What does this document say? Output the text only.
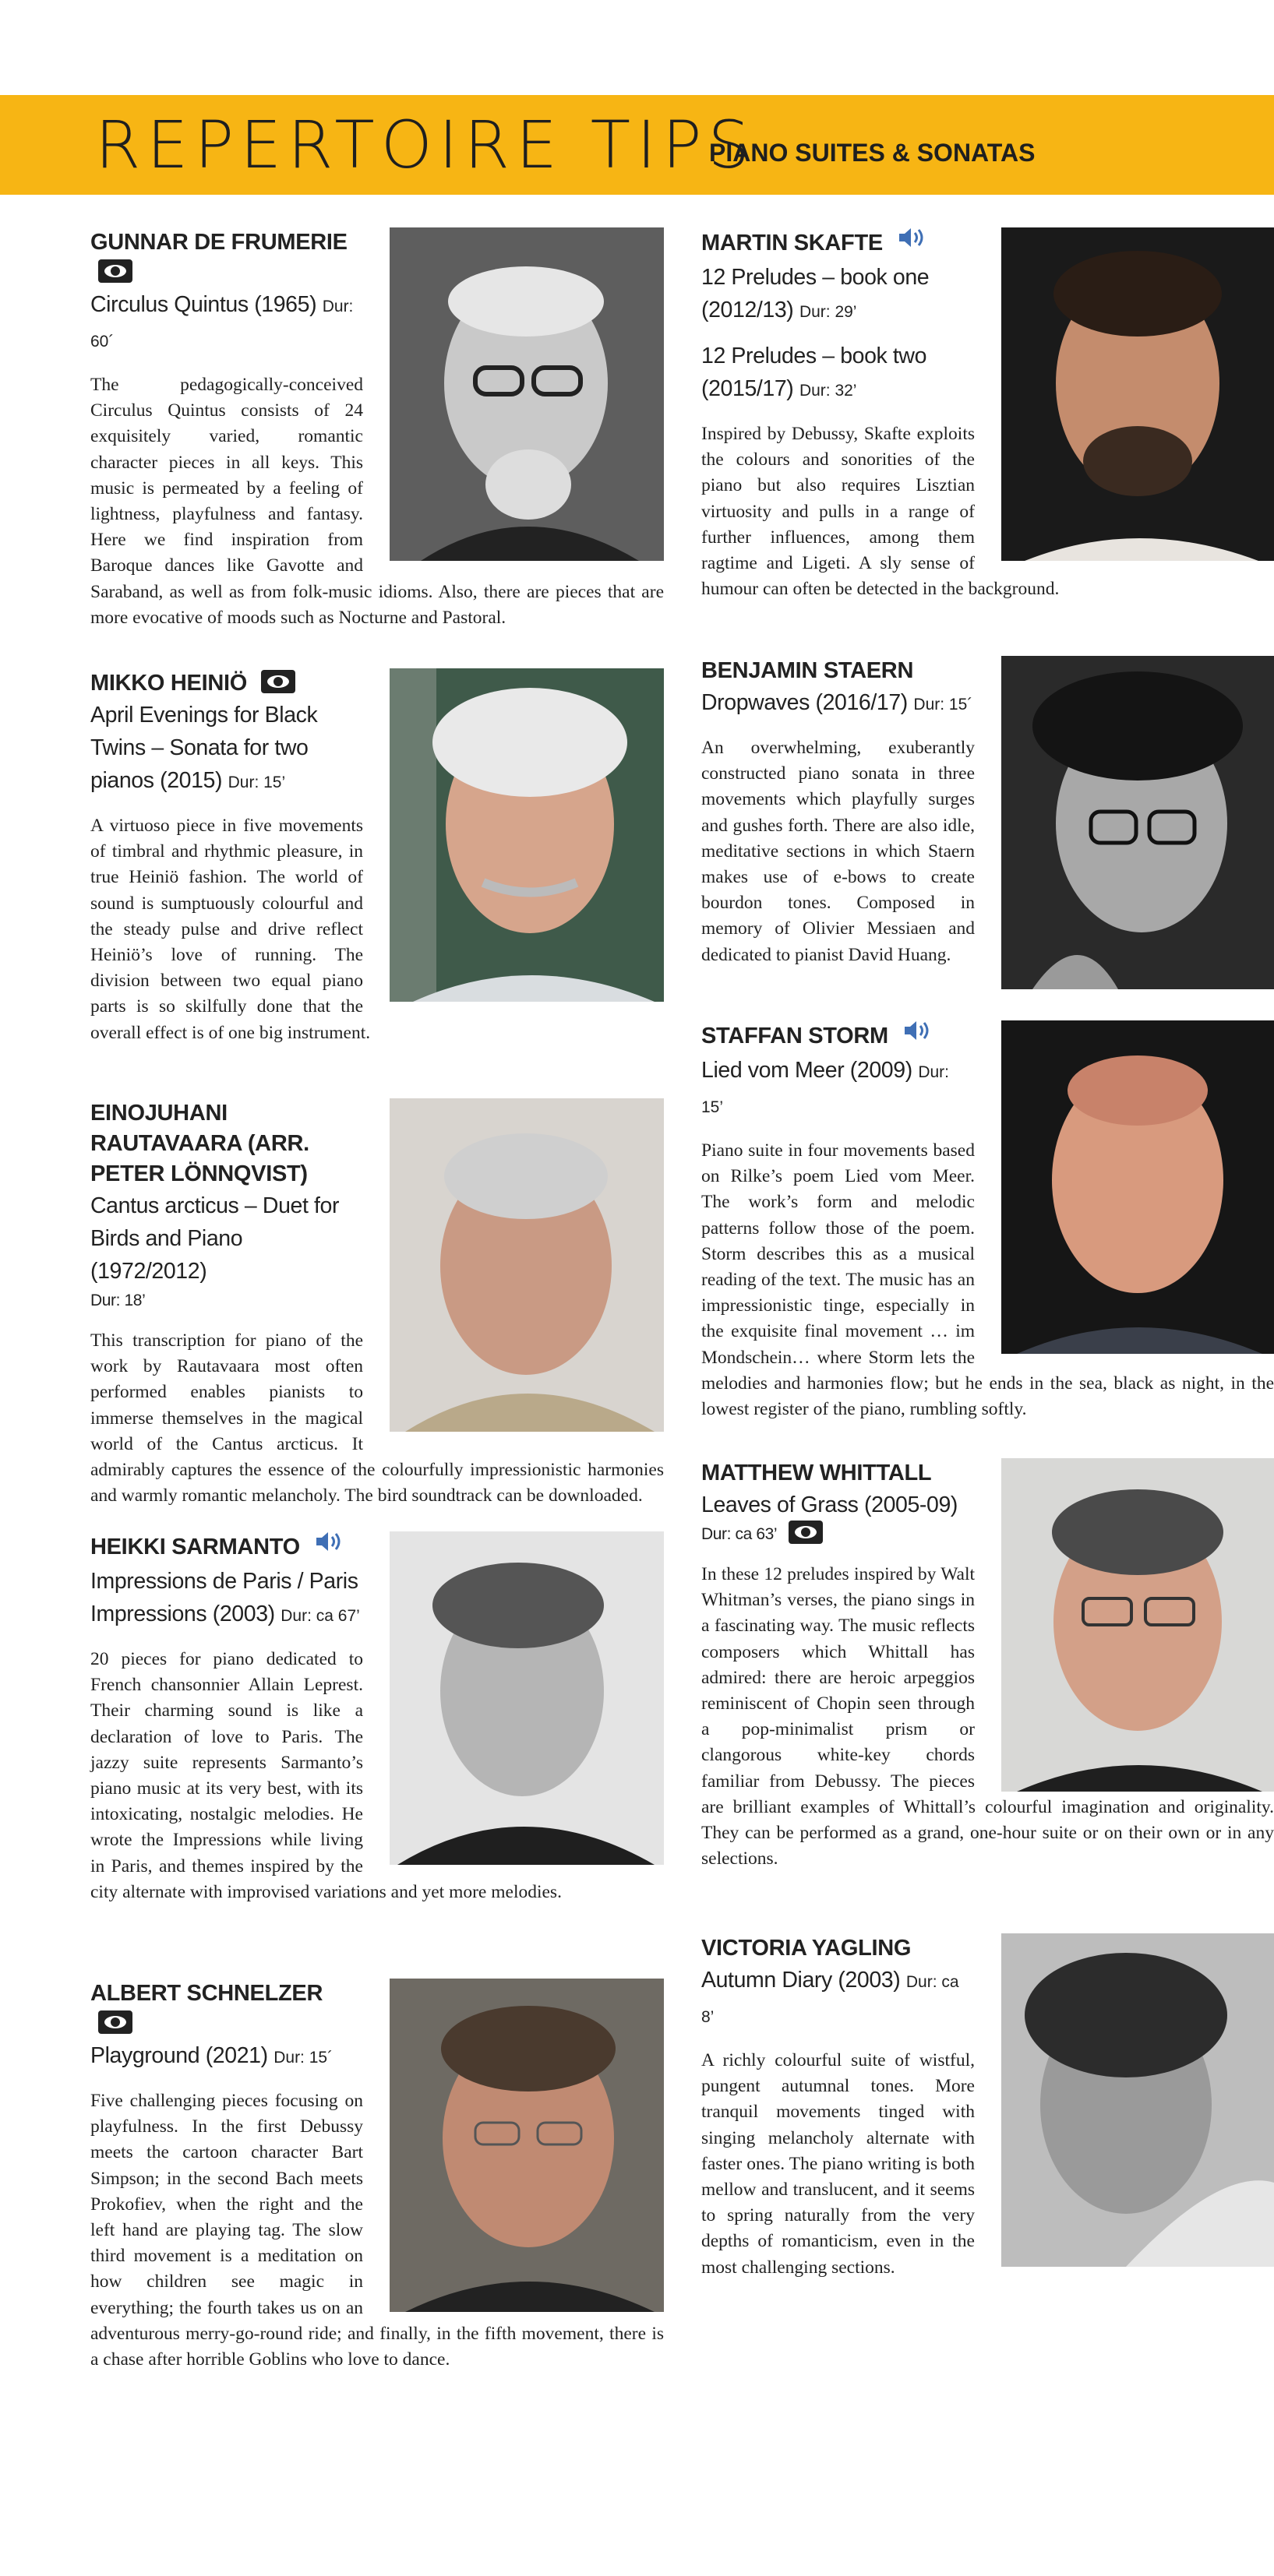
REPERTOIRE TIPS
PIANO SUITES & SONATAS
GUNNAR DE FRUMERIE
Circulus Quintus (1965) Dur: 60´
The pedagogically-conceived Circulus Quintus consists of 24 exquisitely varied, romantic character pieces in all keys. This music is permeated by a feeling of lightness, playfulness and fantasy. Here we find inspiration from Baroque dances like Gavotte and Saraband, as well as from folk-music idioms. Also, there are pieces that are more evocative of moods such as Nocturne and Pastoral.
MIKKO HEINIÖ
April Evenings for Black Twins – Sonata for two pianos (2015) Dur: 15’
A virtuoso piece in five movements of timbral and rhythmic pleasure, in true Heiniö fashion. The world of sound is sumptuously colourful and the steady pulse and drive reflect Heiniö’s love of running. The division between two equal piano parts is so skilfully done that the overall effect is of one big instrument.
EINOJUHANI RAUTAVAARA (ARR. PETER LÖNNQVIST)
Cantus arcticus – Duet for Birds and Piano (1972/2012)
Dur: 18’
This transcription for piano of the work by Rautavaara most often performed enables pianists to immerse themselves in the magical world of the Cantus arcticus. It admirably captures the essence of the colourfully impressionistic harmonies and warmly romantic melancholy. The bird soundtrack can be downloaded.
HEIKKI SARMANTO
Impressions de Paris / Paris Impressions (2003) Dur: ca 67’
20 pieces for piano dedicated to French chansonnier Allain Leprest. Their charming sound is like a declaration of love to Paris. The jazzy suite represents Sarmanto’s piano music at its very best, with its intoxicating, nostalgic melodies. He wrote the Impressions while living in Paris, and themes inspired by the city alternate with improvised variations and yet more melodies.
ALBERT SCHNELZER
Playground (2021) Dur: 15´
Five challenging pieces focusing on playfulness. In the first Debussy meets the cartoon character Bart Simpson; in the second Bach meets Prokofiev, when the right and the left hand are playing tag. The slow third movement is a meditation on how children see magic in everything; the fourth takes us on an adventurous merry-go-round ride; and finally, in the fifth movement, there is a chase after horrible Goblins who love to dance.
MARTIN SKAFTE
12 Preludes – book one (2012/13) Dur: 29’
12 Preludes – book two (2015/17) Dur: 32’
Inspired by Debussy, Skafte exploits the colours and sonorities of the piano but also requires Lisztian virtuosity and pulls in a range of further influences, among them ragtime and Ligeti. A sly sense of humour can often be detected in the background.
BENJAMIN STAERN
Dropwaves (2016/17) Dur: 15´
An overwhelming, exuberantly constructed piano sonata in three movements which playfully surges and gushes forth. There are also idle, meditative sections in which Staern makes use of e-bows to create bourdon tones. Composed in memory of Olivier Messiaen and dedicated to pianist David Huang.
STAFFAN STORM
Lied vom Meer (2009) Dur: 15’
Piano suite in four movements based on Rilke’s poem Lied vom Meer. The work’s form and melodic patterns follow those of the poem. Storm describes this as a musical reading of the text. The music has an impressionistic tinge, especially in the exquisite final movement … im Mondschein… where Storm lets the melodies and harmonies flow; but he ends in the sea, black as night, in the lowest register of the piano, rumbling softly.
MATTHEW WHITTALL
Leaves of Grass (2005-09)
Dur: ca 63’
In these 12 preludes inspired by Walt Whitman’s verses, the piano sings in a fascinating way. The music reflects composers which Whittall has admired: there are heroic arpeggios reminiscent of Chopin seen through a pop-minimalist prism or clangorous white-key chords familiar from Debussy. The pieces are brilliant examples of Whittall’s colourful imagination and originality. They can be performed as a grand, one-hour suite or on their own or in any selections.
VICTORIA YAGLING
Autumn Diary (2003) Dur: ca 8’
A richly colourful suite of wistful, pungent autumnal tones. More tranquil movements tinged with singing melancholy alternate with faster ones. The piano writing is both mellow and translucent, and it seems to spring naturally from the very depths of romanticism, even in the most challenging sections.
